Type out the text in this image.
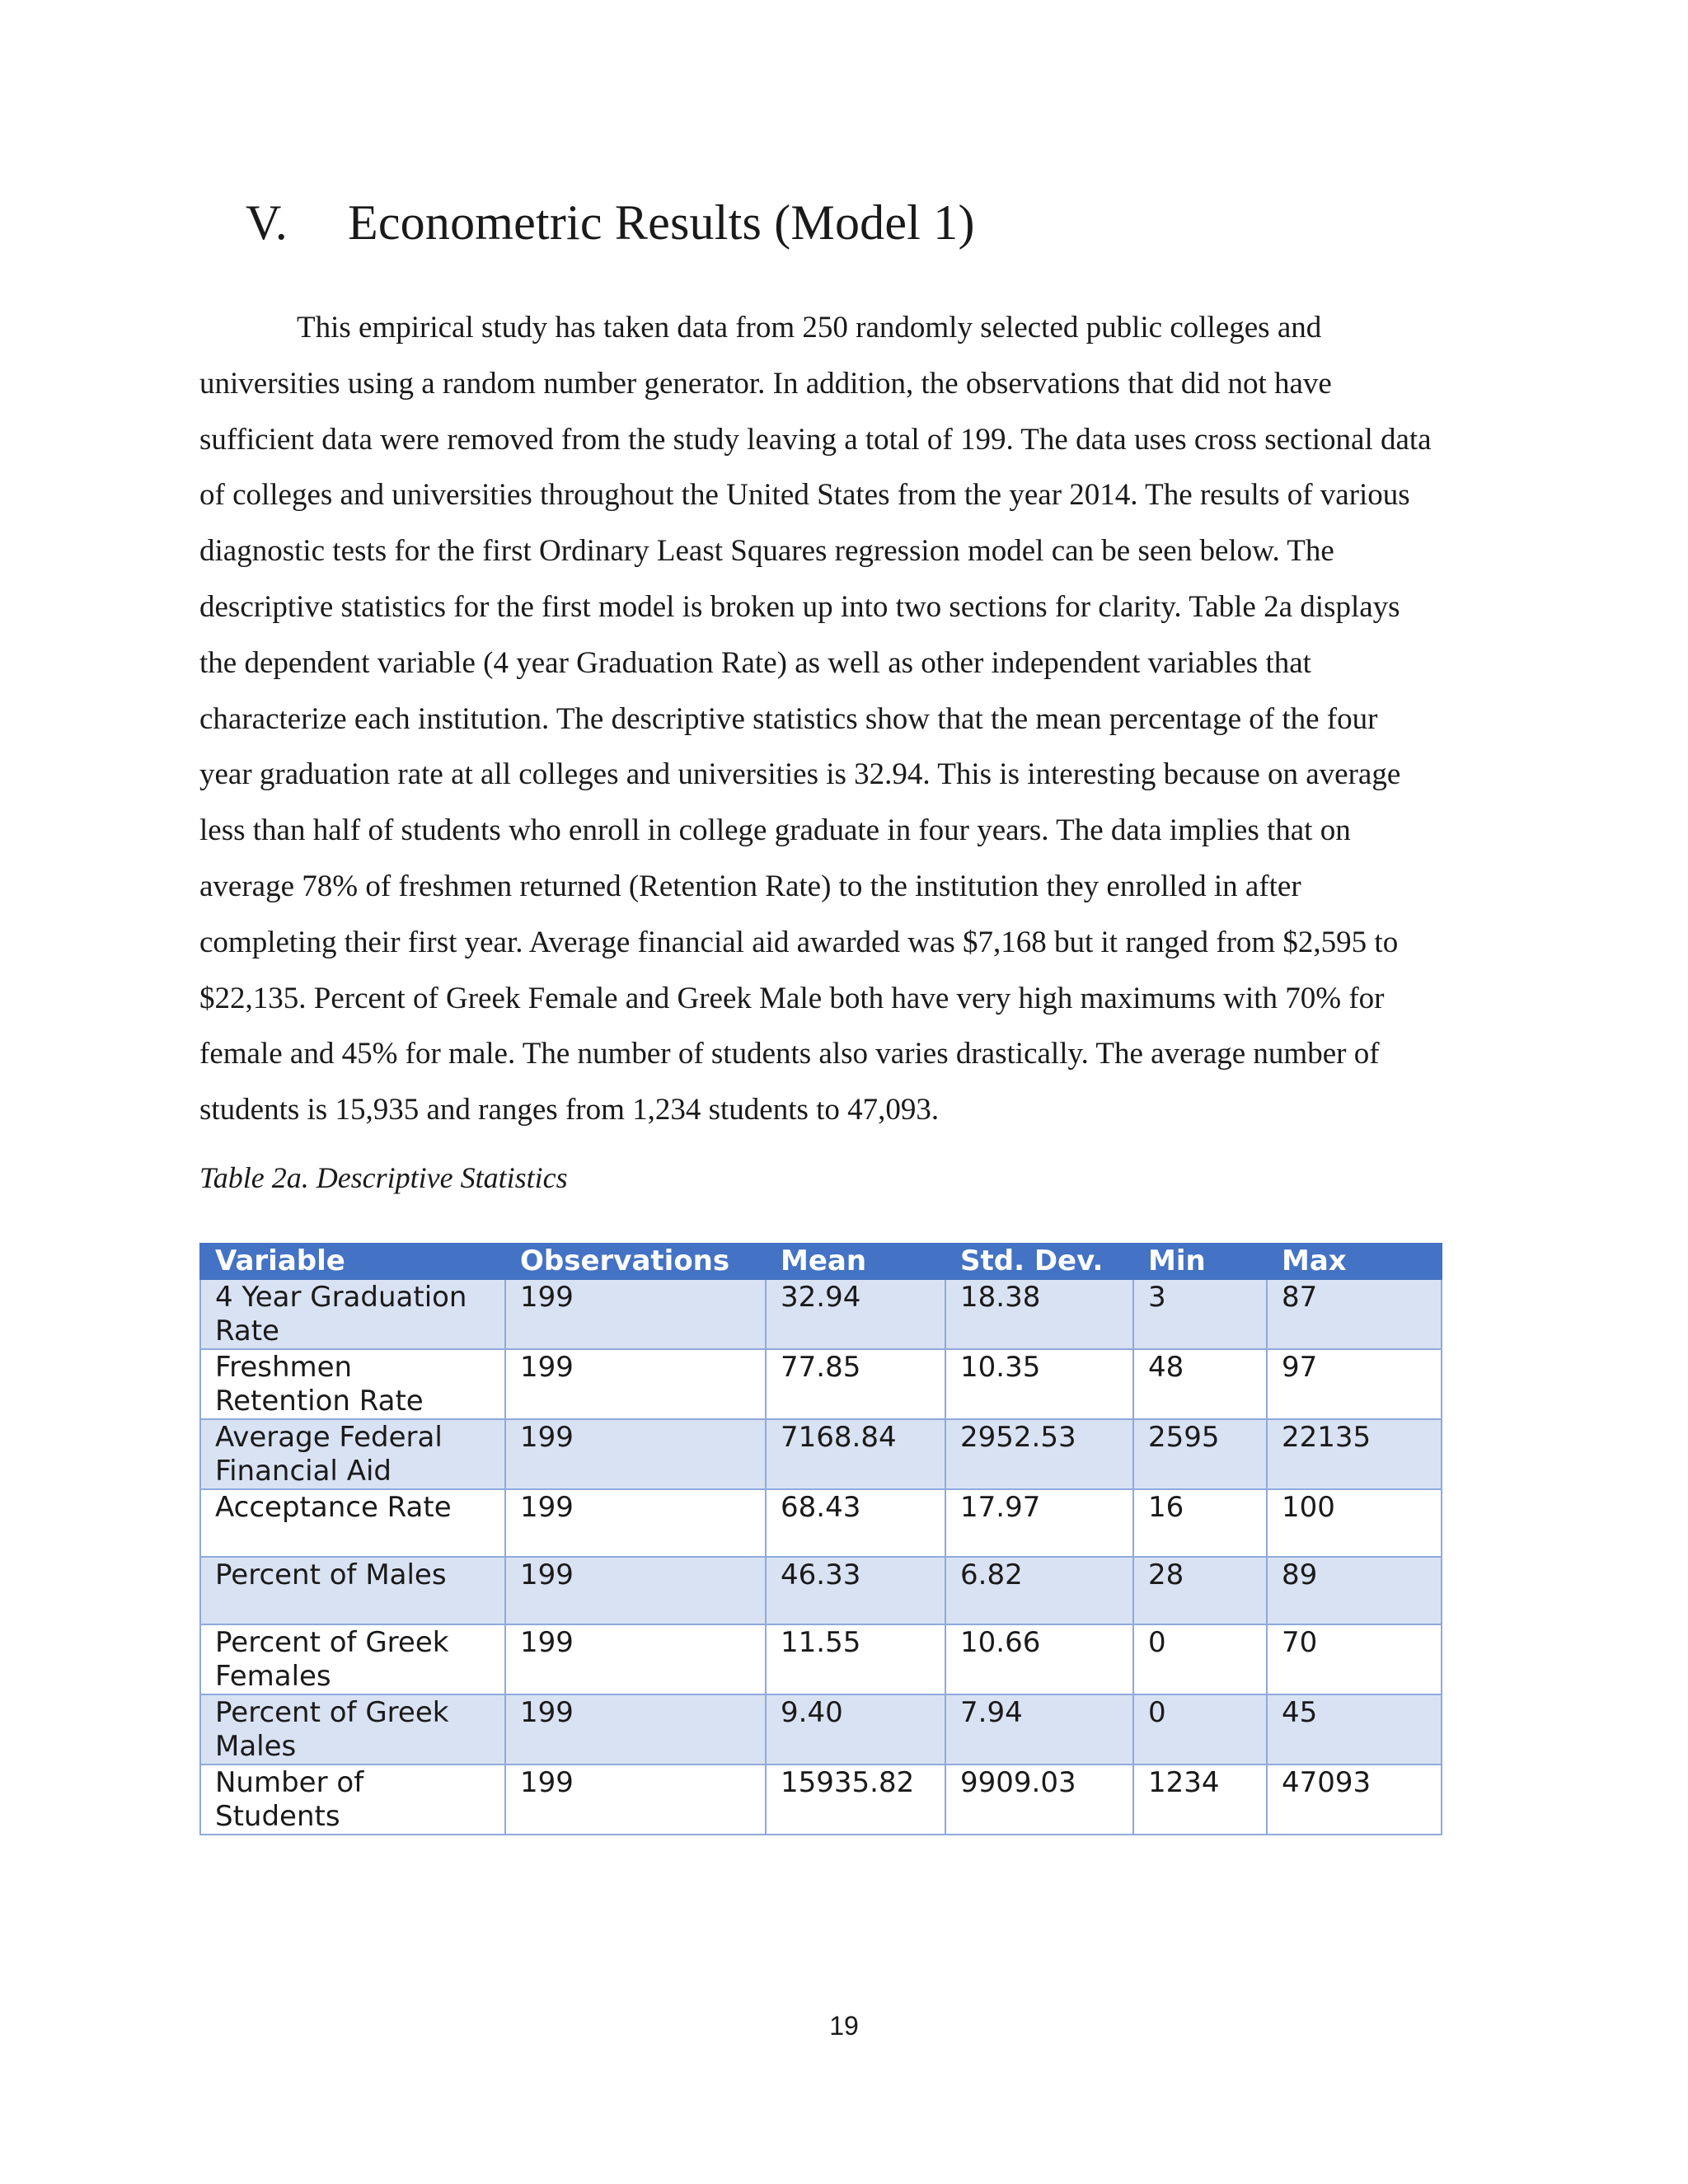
V.	Econometric Results (Model 1)

This empirical study has taken data from 250 randomly selected public colleges and
universities using a random number generator. In addition, the observations that did not have
sufficient data were removed from the study leaving a total of 199. The data uses cross sectional data
of colleges and universities throughout the United States from the year 2014. The results of various
diagnostic tests for the first Ordinary Least Squares regression model can be seen below. The
descriptive statistics for the first model is broken up into two sections for clarity. Table 2a displays
the dependent variable (4 year Graduation Rate) as well as other independent variables that
characterize each institution. The descriptive statistics show that the mean percentage of the four
year graduation rate at all colleges and universities is 32.94. This is interesting because on average
less than half of students who enroll in college graduate in four years. The data implies that on
average 78% of freshmen returned (Retention Rate) to the institution they enrolled in after
completing their first year. Average financial aid awarded was $7,168 but it ranged from $2,595 to
$22,135. Percent of Greek Female and Greek Male both have very high maximums with 70% for
female and 45% for male. The number of students also varies drastically. The average number of
students is 15,935 and ranges from 1,234 students to 47,093.

Table 2a. Descriptive Statistics

Variable	Observations	Mean	Std. Dev.	Min	Max
4 Year Graduation Rate	199	32.94	18.38	3	87
Freshmen Retention Rate	199	77.85	10.35	48	97
Average Federal Financial Aid	199	7168.84	2952.53	2595	22135
Acceptance Rate	199	68.43	17.97	16	100
Percent of Males	199	46.33	6.82	28	89
Percent of Greek Females	199	11.55	10.66	0	70
Percent of Greek Males	199	9.40	7.94	0	45
Number of Students	199	15935.82	9909.03	1234	47093
19
